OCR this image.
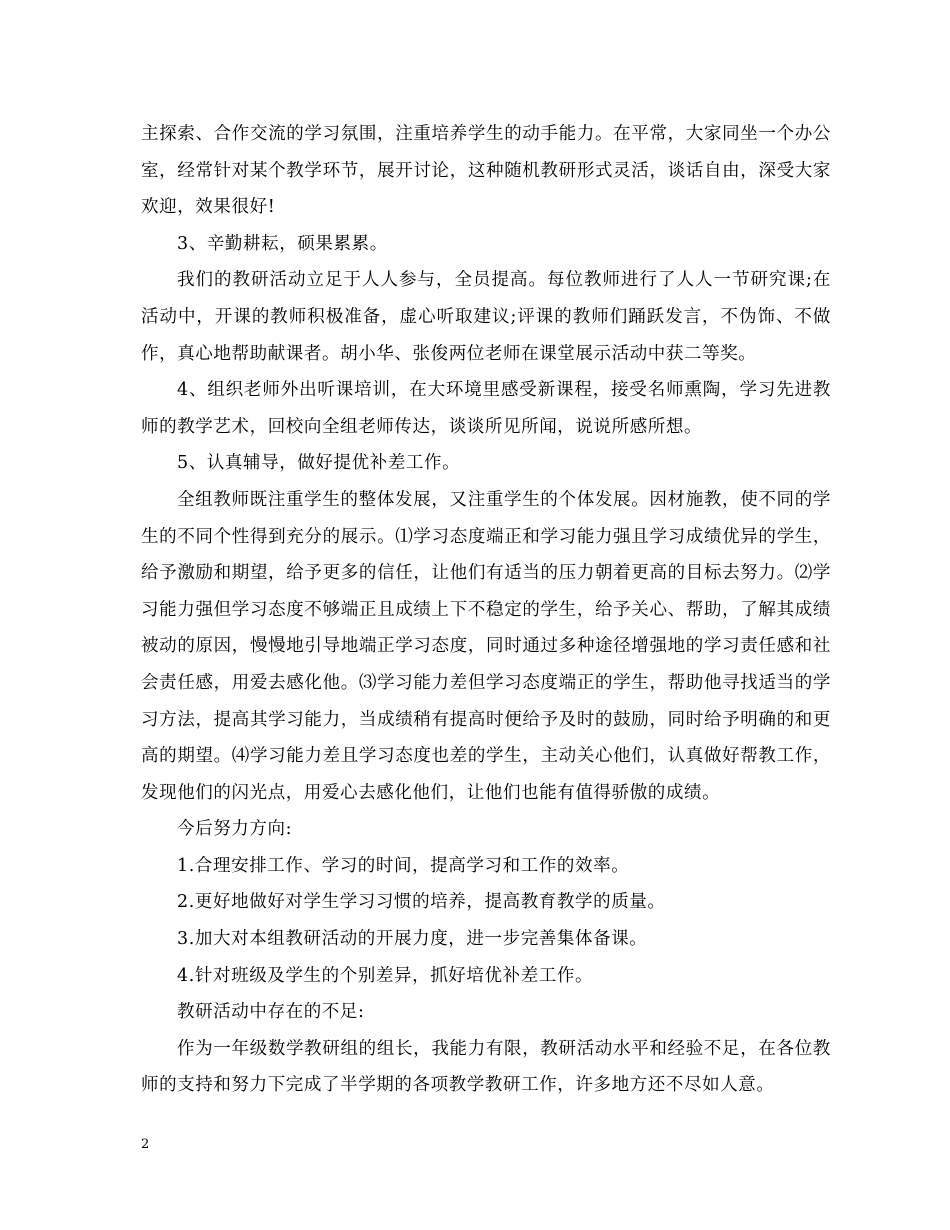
主探索、合作交流的学习氛围，注重培养学生的动手能力。在平常，大家同坐一个办公室，经常针对某个教学环节，展开讨论，这种随机教研形式灵活，谈话自由，深受大家欢迎，效果很好!

3、辛勤耕耘，硕果累累。

我们的教研活动立足于人人参与，全员提高。每位教师进行了人人一节研究课;在活动中，开课的教师积极准备，虚心听取建议;评课的教师们踊跃发言，不伪饰、不做作，真心地帮助献课者。胡小华、张俊两位老师在课堂展示活动中获二等奖。

4、组织老师外出听课培训，在大环境里感受新课程，接受名师熏陶，学习先进教师的教学艺术，回校向全组老师传达，谈谈所见所闻，说说所感所想。

5、认真辅导，做好提优补差工作。

全组教师既注重学生的整体发展，又注重学生的个体发展。因材施教，使不同的学生的不同个性得到充分的展示。⑴学习态度端正和学习能力强且学习成绩优异的学生，给予激励和期望，给予更多的信任，让他们有适当的压力朝着更高的目标去努力。⑵学习能力强但学习态度不够端正且成绩上下不稳定的学生，给予关心、帮助，了解其成绩被动的原因，慢慢地引导地端正学习态度，同时通过多种途径增强地的学习责任感和社会责任感，用爱去感化他。⑶学习能力差但学习态度端正的学生，帮助他寻找适当的学习方法，提高其学习能力，当成绩稍有提高时便给予及时的鼓励，同时给予明确的和更高的期望。⑷学习能力差且学习态度也差的学生，主动关心他们，认真做好帮教工作，发现他们的闪光点，用爱心去感化他们，让他们也能有值得骄傲的成绩。

今后努力方向:

1.合理安排工作、学习的时间，提高学习和工作的效率。

2.更好地做好对学生学习习惯的培养，提高教育教学的质量。

3.加大对本组教研活动的开展力度，进一步完善集体备课。

4.针对班级及学生的个别差异，抓好培优补差工作。

教研活动中存在的不足:

作为一年级数学教研组的组长，我能力有限，教研活动水平和经验不足，在各位教师的支持和努力下完成了半学期的各项教学教研工作，许多地方还不尽如人意。

2
